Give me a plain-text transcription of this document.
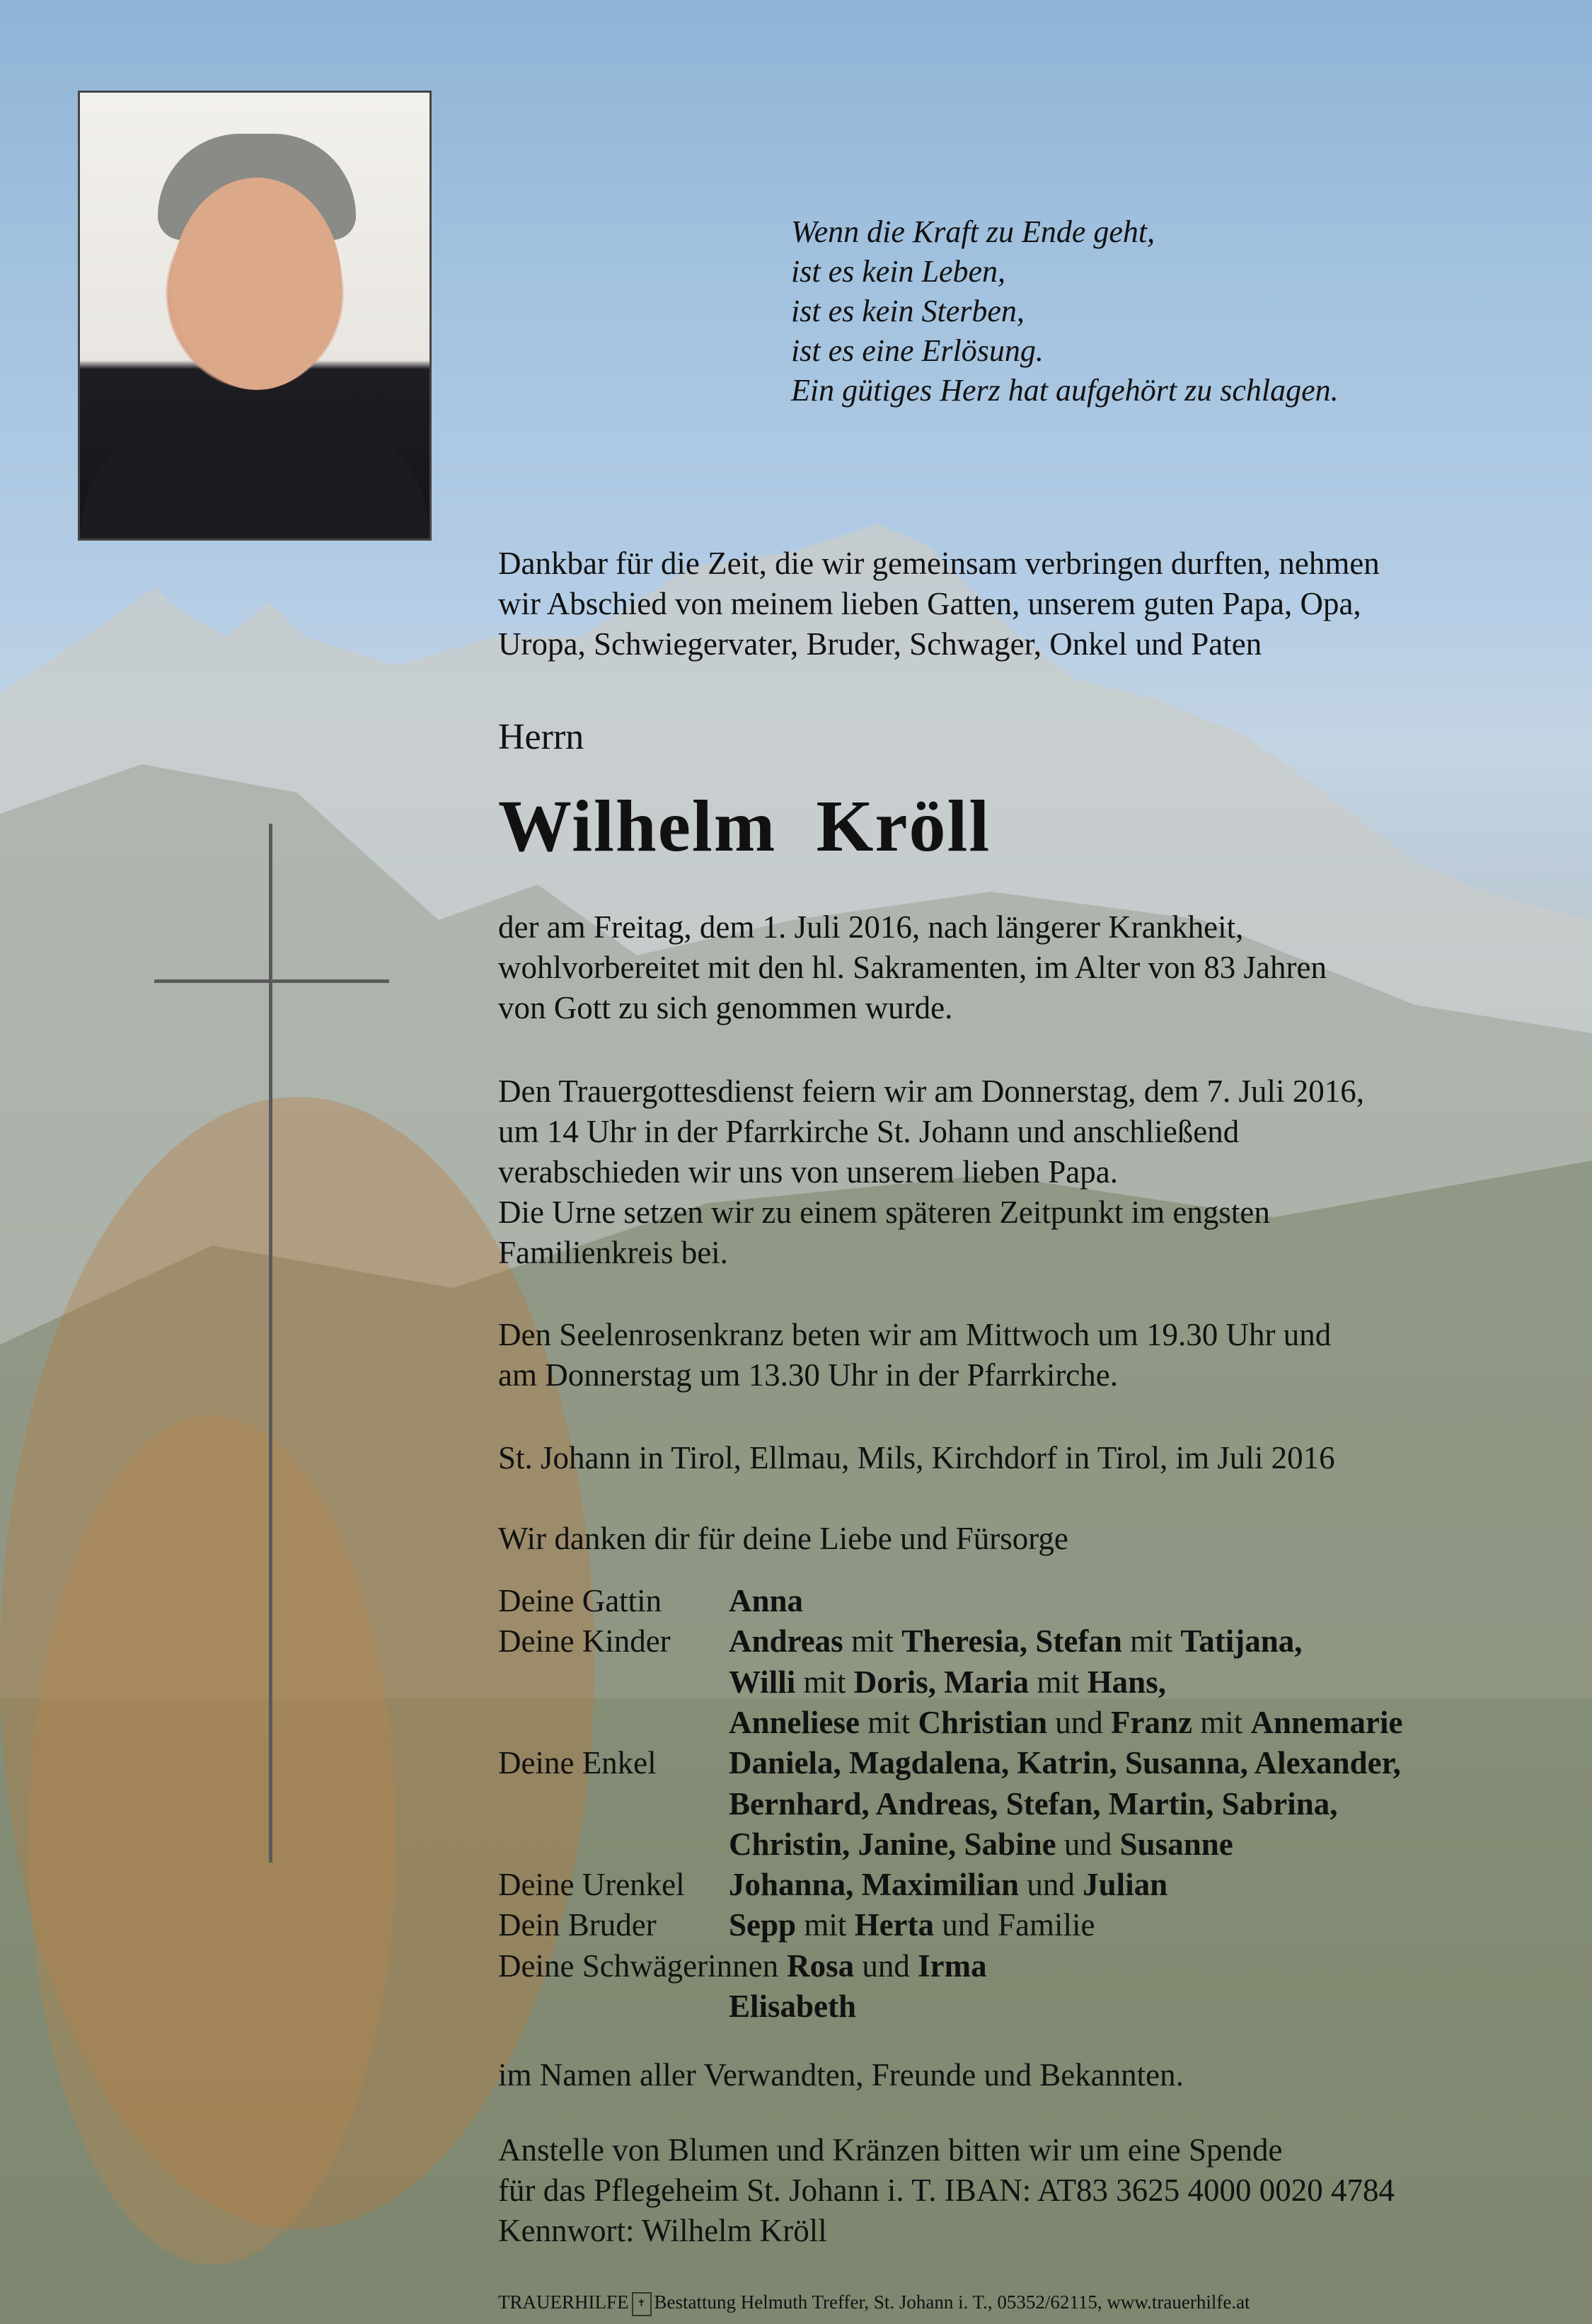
Wenn die Kraft zu Ende geht,
ist es kein Leben,
ist es kein Sterben,
ist es eine Erlösung.
Ein gütiges Herz hat aufgehört zu schlagen.
Dankbar für die Zeit, die wir gemeinsam verbringen durften, nehmen
wir Abschied von meinem lieben Gatten, unserem guten Papa, Opa,
Uropa, Schwiegervater, Bruder, Schwager, Onkel und Paten
Herrn
Wilhelm  Kröll
der am Freitag, dem 1. Juli 2016, nach längerer Krankheit,
wohlvorbereitet mit den hl. Sakramenten, im Alter von 83 Jahren
von Gott zu sich genommen wurde.
Den Trauergottesdienst feiern wir am Donnerstag, dem 7. Juli 2016,
um 14 Uhr in der Pfarrkirche St. Johann und anschließend
verabschieden wir uns von unserem lieben Papa.
Die Urne setzen wir zu einem späteren Zeitpunkt im engsten
Familienkreis bei.
Den Seelenrosenkranz beten wir am Mittwoch um 19.30 Uhr und
am Donnerstag um 13.30 Uhr in der Pfarrkirche.
St. Johann in Tirol, Ellmau, Mils, Kirchdorf in Tirol, im Juli 2016
Wir danken dir für deine Liebe und Fürsorge
Deine Gattin Anna
Deine Kinder Andreas mit Theresia, Stefan mit Tatijana,
Willi mit Doris, Maria mit Hans,
Anneliese mit Christian und Franz mit Annemarie
Deine Enkel Daniela, Magdalena, Katrin, Susanna, Alexander,
Bernhard, Andreas, Stefan, Martin, Sabrina,
Christin, Janine, Sabine und Susanne
Deine Urenkel Johanna, Maximilian und Julian
Dein Bruder Sepp mit Herta und Familie
Deine Schwägerinnen Rosa und Irma
Elisabeth
im Namen aller Verwandten, Freunde und Bekannten.
Anstelle von Blumen und Kränzen bitten wir um eine Spende
für das Pflegeheim St. Johann i. T. IBAN: AT83 3625 4000 0020 4784
Kennwort: Wilhelm Kröll
TRAUERHILFE ✝ Bestattung Helmuth Treffer, St. Johann i. T., 05352/62115, www.trauerhilfe.at
